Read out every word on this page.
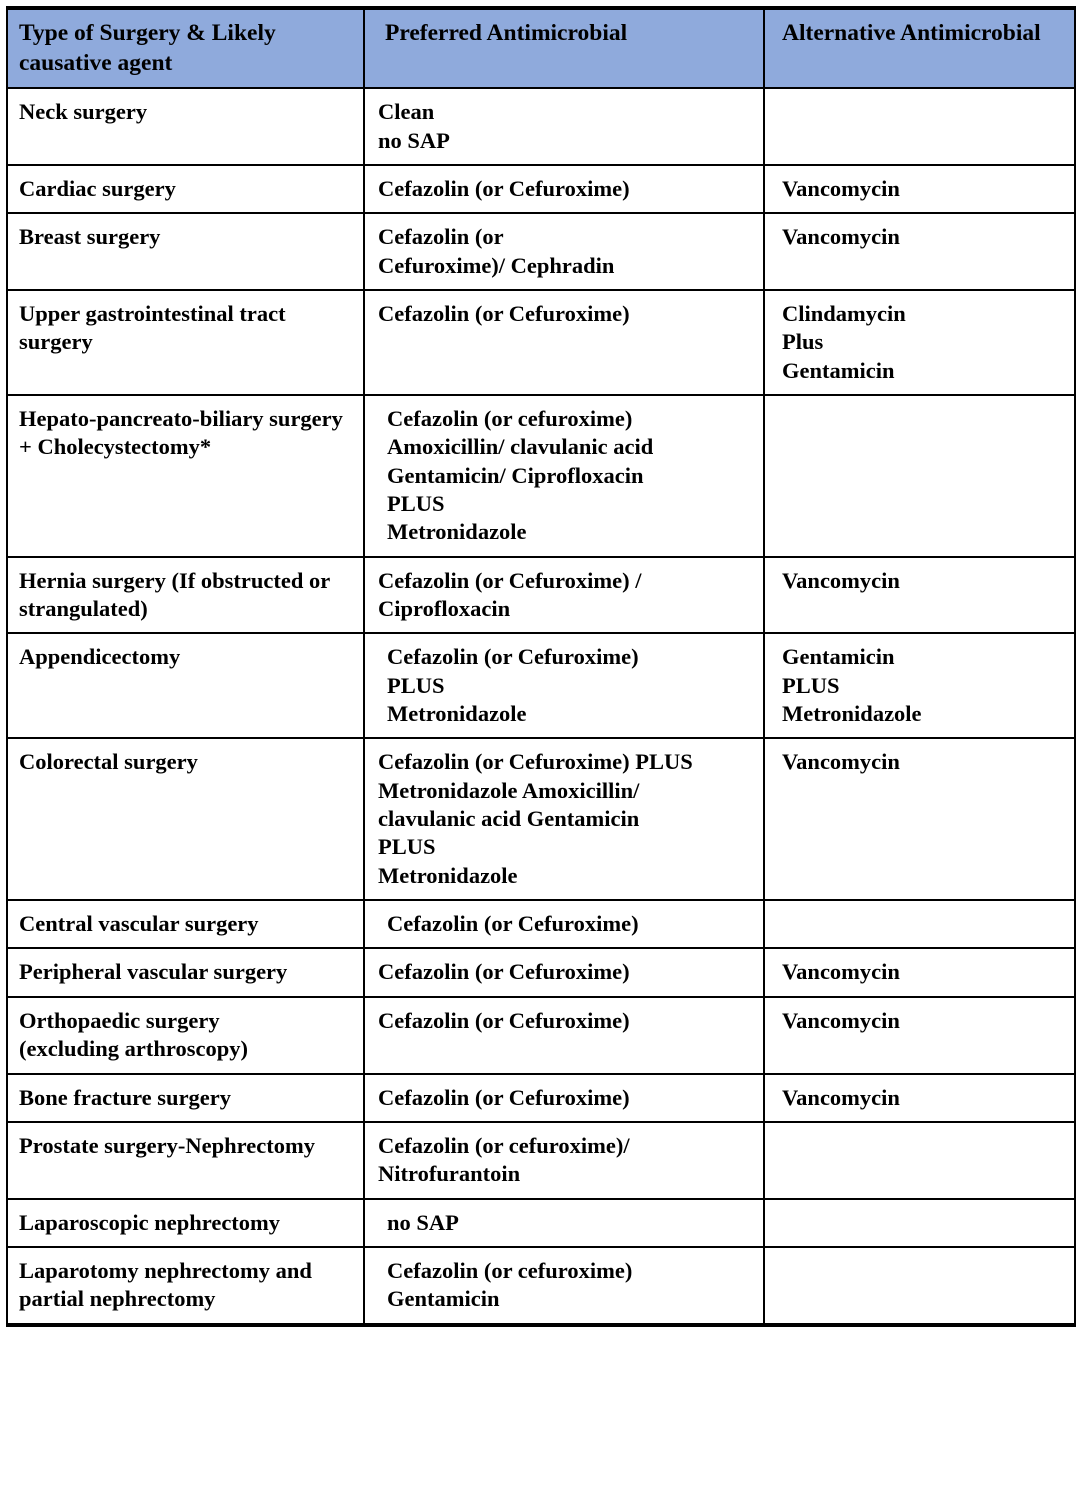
Type of Surgery & Likely causative agent	Preferred Antimicrobial	Alternative Antimicrobial

Neck surgery	Clean
no SAP	

Cardiac surgery	Cefazolin (or Cefuroxime)	Vancomycin

Breast surgery	Cefazolin (or
Cefuroxime)/ Cephradin	Vancomycin

Upper gastrointestinal tract surgery	Cefazolin (or Cefuroxime)	Clindamycin
Plus
Gentamicin

Hepato-pancreato-biliary surgery + Cholecystectomy*	Cefazolin (or cefuroxime)
Amoxicillin/ clavulanic acid
Gentamicin/ Ciprofloxacin
PLUS
Metronidazole	

Hernia surgery (If obstructed or strangulated)	Cefazolin (or Cefuroxime) /
Ciprofloxacin	Vancomycin

Appendicectomy	Cefazolin (or Cefuroxime)
PLUS
Metronidazole	Gentamicin
PLUS
Metronidazole

Colorectal surgery	Cefazolin (or Cefuroxime) PLUS
Metronidazole Amoxicillin/
clavulanic acid Gentamicin
PLUS
Metronidazole	Vancomycin

Central vascular surgery	Cefazolin (or Cefuroxime)	

Peripheral vascular surgery	Cefazolin (or Cefuroxime)	Vancomycin

Orthopaedic surgery
(excluding arthroscopy)	Cefazolin (or Cefuroxime)	Vancomycin

Bone fracture surgery	Cefazolin (or Cefuroxime)	Vancomycin

Prostate surgery-Nephrectomy	Cefazolin (or cefuroxime)/
Nitrofurantoin	

Laparoscopic nephrectomy	no SAP	

Laparotomy nephrectomy and partial nephrectomy	Cefazolin (or cefuroxime)
Gentamicin	
